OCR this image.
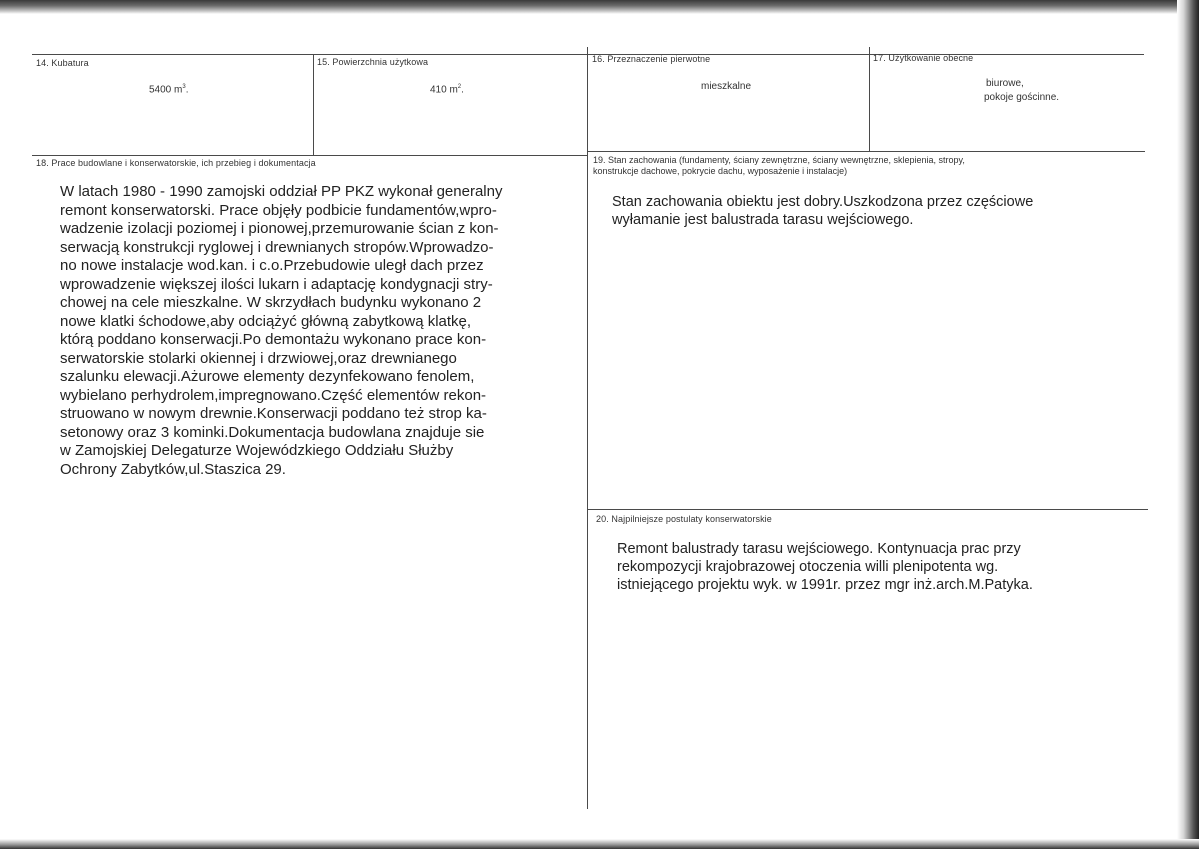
14. Kubatura
5400 $m^3$.
15. Powierzchnia użytkowa
410 $m^2$.
16. Przeznaczenie pierwotne
mieszkalne
17. Użytkowanie obecne
biurowe,
pokoje gościnne.
18. Prace budowlane i konserwatorskie, ich przebieg i dokumentacja
W latach 1980 - 1990 zamojski oddział PP PKZ wykonał generalny
remont konserwatorski. Prace objęły podbicie fundamentów,wpro-
wadzenie izolacji poziomej i pionowej,przemurowanie ścian z kon-
serwacją konstrukcji ryglowej i drewnianych stropów.Wprowadzo-
no nowe instalacje wod.kan. i c.o.Przebudowie uległ dach przez
wprowadzenie większej ilości lukarn i adaptację kondygnacji stry-
chowej na cele mieszkalne. W skrzydłach budynku wykonano 2
nowe klatki śchodowe,aby odciążyć główną zabytkową klatkę,
którą poddano konserwacji.Po demontażu wykonano prace kon-
serwatorskie stolarki okiennej i drzwiowej,oraz drewnianego
szalunku elewacji.Ażurowe elementy dezynfekowano fenolem,
wybielano perhydrolem,impregnowano.Część elementów rekon-
struowano w nowym drewnie.Konserwacji poddano też strop ka-
setonowy oraz 3 kominki.Dokumentacja budowlana znajduje sie
w Zamojskiej Delegaturze Wojewódzkiego Oddziału Służby
Ochrony Zabytków,ul.Staszica 29.
19. Stan zachowania (fundamenty, ściany zewnętrzne, ściany wewnętrzne, sklepienia, stropy,
konstrukcje dachowe, pokrycie dachu, wyposażenie i instalacje)
Stan zachowania obiektu jest dobry.Uszkodzona przez częściowe
wyłamanie jest balustrada tarasu wejściowego.
20. Najpilniejsze postulaty konserwatorskie
Remont balustrady tarasu wejściowego. Kontynuacja prac przy
rekompozycji krajobrazowej otoczenia willi plenipotenta wg.
istniejącego projektu wyk. w 1991r. przez mgr inż.arch.M.Patyka.
